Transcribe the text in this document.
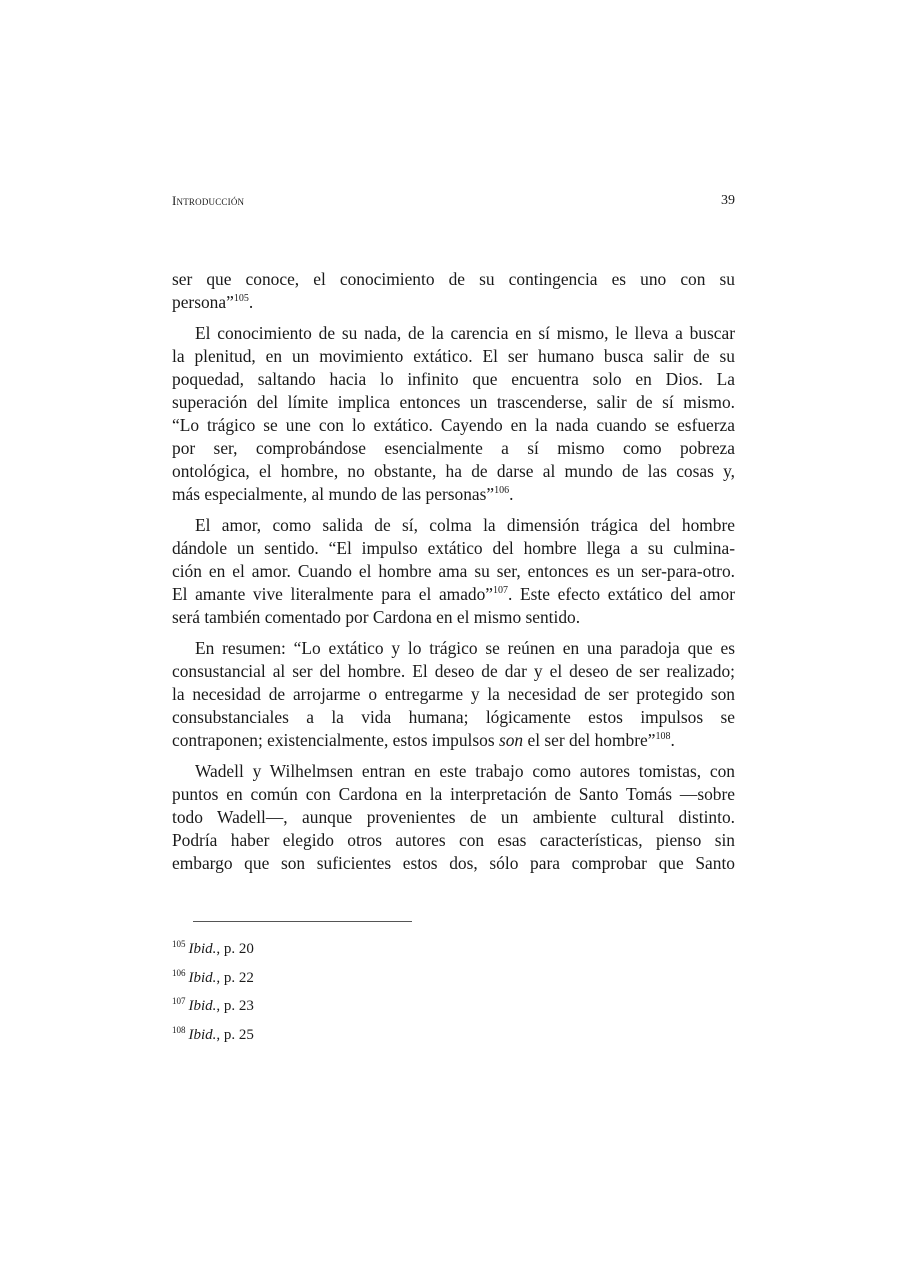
Introducción	39
ser que conoce, el conocimiento de su contingencia es uno con su
persona”$^{105}$.
El conocimiento de su nada, de la carencia en sí mismo, le lleva a buscar
la plenitud, en un movimiento extático. El ser humano busca salir de su
poquedad, saltando hacia lo infinito que encuentra solo en Dios. La
superación del límite implica entonces un trascenderse, salir de sí mismo.
“Lo trágico se une con lo extático. Cayendo en la nada cuando se esfuerza
por ser, comprobándose esencialmente a sí mismo como pobreza
ontológica, el hombre, no obstante, ha de darse al mundo de las cosas y,
más especialmente, al mundo de las personas”$^{106}$.
El amor, como salida de sí, colma la dimensión trágica del hombre
dándole un sentido. “El impulso extático del hombre llega a su culmina-
ción en el amor. Cuando el hombre ama su ser, entonces es un ser-para-otro.
El amante vive literalmente para el amado”$^{107}$. Este efecto extático del amor
será también comentado por Cardona en el mismo sentido.
En resumen: “Lo extático y lo trágico se reúnen en una paradoja que es
consustancial al ser del hombre. El deseo de dar y el deseo de ser realizado;
la necesidad de arrojarme o entregarme y la necesidad de ser protegido son
consubstanciales a la vida humana; lógicamente estos impulsos se
contraponen; existencialmente, estos impulsos son el ser del hombre”$^{108}$.
Wadell y Wilhelmsen entran en este trabajo como autores tomistas, con
puntos en común con Cardona en la interpretación de Santo Tomás —sobre
todo Wadell—, aunque provenientes de un ambiente cultural distinto.
Podría haber elegido otros autores con esas características, pienso sin
embargo que son suficientes estos dos, sólo para comprobar que Santo
$^{105}$ Ibid., p. 20
$^{106}$ Ibid., p. 22
$^{107}$ Ibid., p. 23
$^{108}$ Ibid., p. 25
